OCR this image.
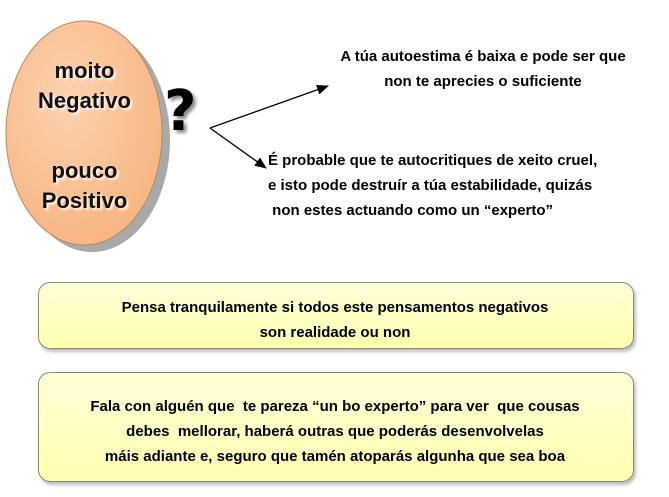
moito
Negativo
pouco
Positivo
?
A túa autoestima é baixa e pode ser que
non te aprecies o suficiente
É probable que te autocritiques de xeito cruel,
e isto pode destruír a túa estabilidade, quizás
non estes actuando como un “experto”
Pensa tranquilamente si todos este pensamentos negativos
son realidade ou non
Fala con alguén que  te pareza “un bo experto” para ver  que cousas
debes  mellorar, haberá outras que poderás desenvolvelas
máis adiante e, seguro que tamén atoparás algunha que sea boa
